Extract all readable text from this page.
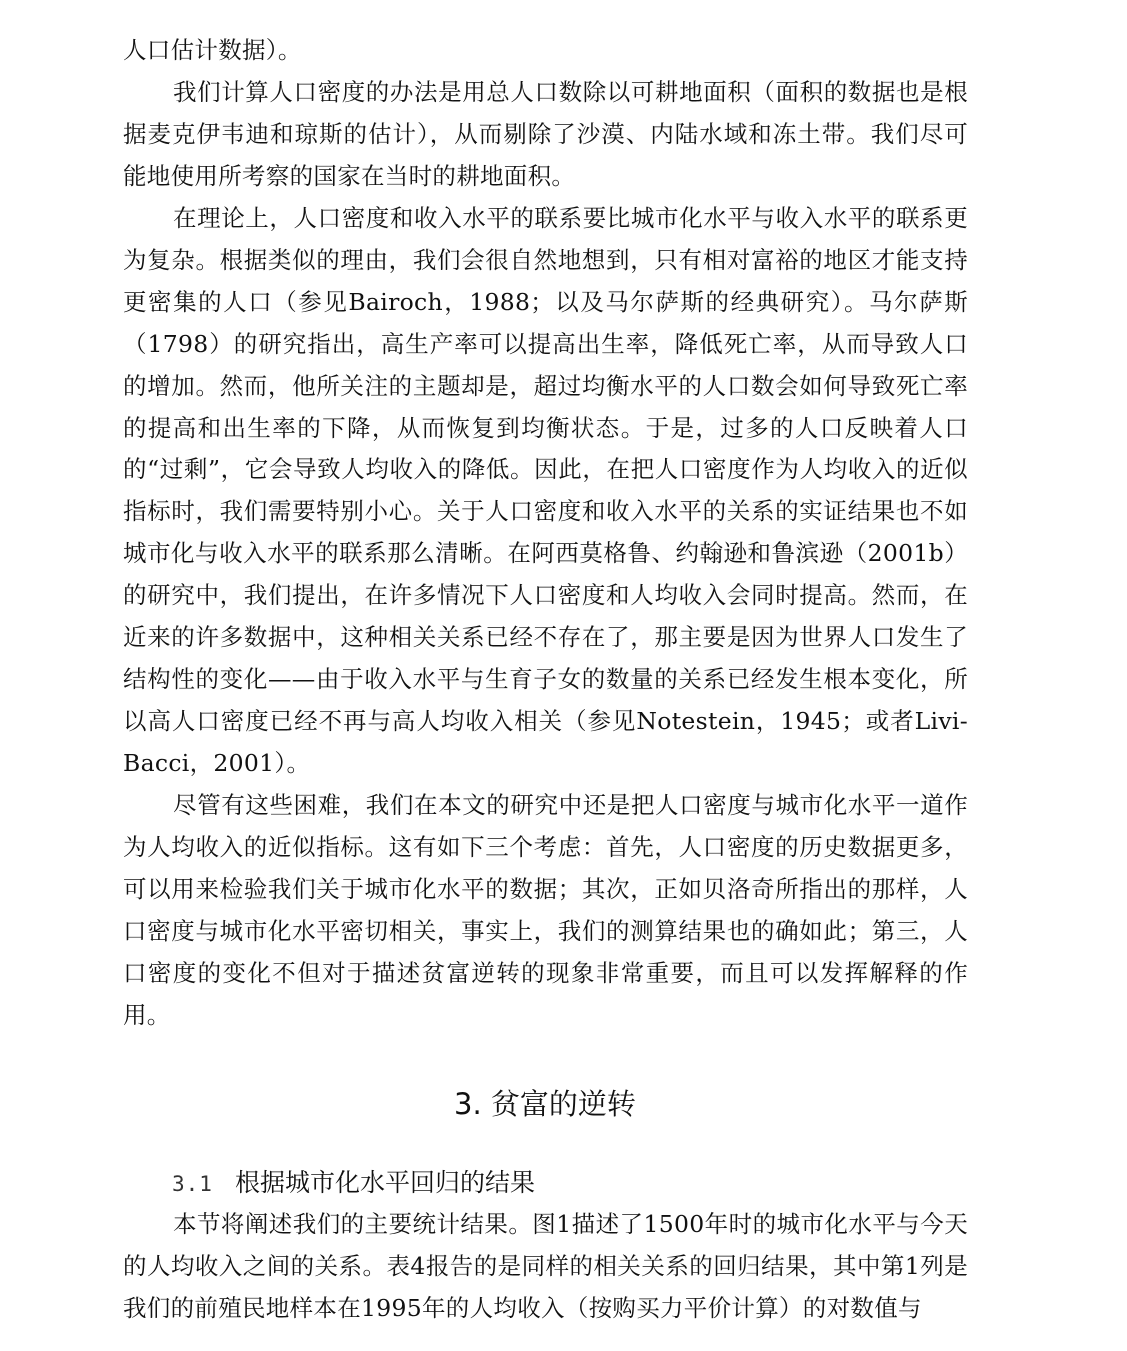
人口估计数据）。

我们计算人口密度的办法是用总人口数除以可耕地面积（面积的数据也是根据麦克伊韦迪和琼斯的估计），从而剔除了沙漠、内陆水域和冻土带。我们尽可能地使用所考察的国家在当时的耕地面积。

在理论上，人口密度和收入水平的联系要比城市化水平与收入水平的联系更为复杂。根据类似的理由，我们会很自然地想到，只有相对富裕的地区才能支持更密集的人口（参见Bairoch，1988；以及马尔萨斯的经典研究）。马尔萨斯（1798）的研究指出，高生产率可以提高出生率，降低死亡率，从而导致人口的增加。然而，他所关注的主题却是，超过均衡水平的人口数会如何导致死亡率的提高和出生率的下降，从而恢复到均衡状态。于是，过多的人口反映着人口的“过剩”，它会导致人均收入的降低。因此，在把人口密度作为人均收入的近似指标时，我们需要特别小心。关于人口密度和收入水平的关系的实证结果也不如城市化与收入水平的联系那么清晰。在阿西莫格鲁、约翰逊和鲁滨逊（2001b）的研究中，我们提出，在许多情况下人口密度和人均收入会同时提高。然而，在近来的许多数据中，这种相关关系已经不存在了，那主要是因为世界人口发生了结构性的变化——由于收入水平与生育子女的数量的关系已经发生根本变化，所以高人口密度已经不再与高人均收入相关（参见Notestein，1945；或者Livi-Bacci，2001）。

尽管有这些困难，我们在本文的研究中还是把人口密度与城市化水平一道作为人均收入的近似指标。这有如下三个考虑：首先，人口密度的历史数据更多，可以用来检验我们关于城市化水平的数据；其次，正如贝洛奇所指出的那样，人口密度与城市化水平密切相关，事实上，我们的测算结果也的确如此；第三，人口密度的变化不但对于描述贫富逆转的现象非常重要，而且可以发挥解释的作用。

3. 贫富的逆转
3.1 根据城市化水平回归的结果

本节将阐述我们的主要统计结果。图1描述了1500年时的城市化水平与今天的人均收入之间的关系。表4报告的是同样的相关关系的回归结果，其中第1列是我们的前殖民地样本在1995年的人均收入（按购买力平价计算）的对数值与
